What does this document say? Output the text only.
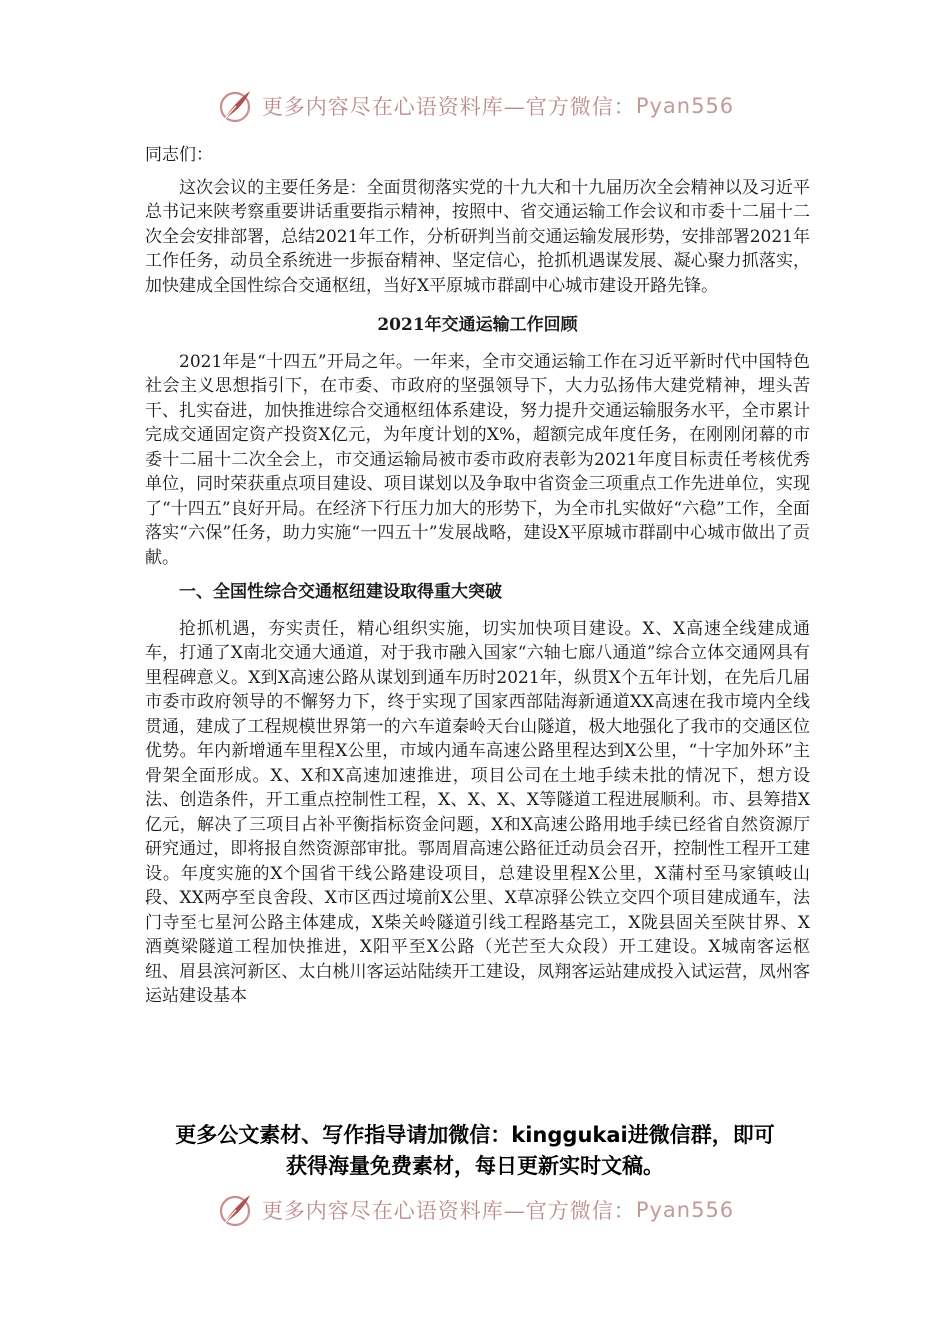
更多内容尽在心语资料库—官方微信： Pyan556

同志们：

这次会议的主要任务是：全面贯彻落实党的十九大和十九届历次全会精神以及习近平总书记来陕考察重要讲话重要指示精神，按照中、省交通运输工作会议和市委十二届十二次全会安排部署，总结2021年工作，分析研判当前交通运输发展形势，安排部署2021年工作任务，动员全系统进一步振奋精神、坚定信心，抢抓机遇谋发展、凝心聚力抓落实，加快建成全国性综合交通枢纽，当好X平原城市群副中心城市建设开路先锋。

2021年交通运输工作回顾

2021年是“十四五”开局之年。一年来，全市交通运输工作在习近平新时代中国特色社会主义思想指引下，在市委、市政府的坚强领导下，大力弘扬伟大建党精神，埋头苦干、扎实奋进，加快推进综合交通枢纽体系建设，努力提升交通运输服务水平，全市累计完成交通固定资产投资X亿元，为年度计划的X%，超额完成年度任务，在刚刚闭幕的市委十二届十二次全会上，市交通运输局被市委市政府表彰为2021年度目标责任考核优秀单位，同时荣获重点项目建设、项目谋划以及争取中省资金三项重点工作先进单位，实现了“十四五”良好开局。在经济下行压力加大的形势下，为全市扎实做好“六稳”工作，全面落实“六保”任务，助力实施“一四五十”发展战略，建设X平原城市群副中心城市做出了贡献。

一、全国性综合交通枢纽建设取得重大突破

抢抓机遇，夯实责任，精心组织实施，切实加快项目建设。X、X高速全线建成通车，打通了X南北交通大通道，对于我市融入国家“六轴七廊八通道”综合立体交通网具有里程碑意义。X到X高速公路从谋划到通车历时2021年，纵贯X个五年计划，在先后几届市委市政府领导的不懈努力下，终于实现了国家西部陆海新通道XX高速在我市境内全线贯通，建成了工程规模世界第一的六车道秦岭天台山隧道，极大地强化了我市的交通区位优势。年内新增通车里程X公里，市域内通车高速公路里程达到X公里，“十字加外环”主骨架全面形成。X、X和X高速加速推进，项目公司在土地手续未批的情况下，想方设法、创造条件，开工重点控制性工程，X、X、X、X等隧道工程进展顺利。市、县筹措X亿元，解决了三项目占补平衡指标资金问题，X和X高速公路用地手续已经省自然资源厅研究通过，即将报自然资源部审批。鄠周眉高速公路征迁动员会召开，控制性工程开工建设。年度实施的X个国省干线公路建设项目，总建设里程X公里，X蒲村至马家镇岐山段、XX两亭至良舍段、X市区西过境前X公里、X草凉驿公铁立交四个项目建成通车，法门寺至七星河公路主体建成，X柴关岭隧道引线工程路基完工，X陇县固关至陕甘界、X酒奠梁隧道工程加快推进，X阳平至X公路（光芒至大众段）开工建设。X城南客运枢纽、眉县滨河新区、太白桃川客运站陆续开工建设，凤翔客运站建成投入试运营，凤州客运站建设基本

更多公文素材、写作指导请加微信：kinggukai进微信群，即可
获得海量免费素材，每日更新实时文稿。
更多内容尽在心语资料库—官方微信： Pyan556
